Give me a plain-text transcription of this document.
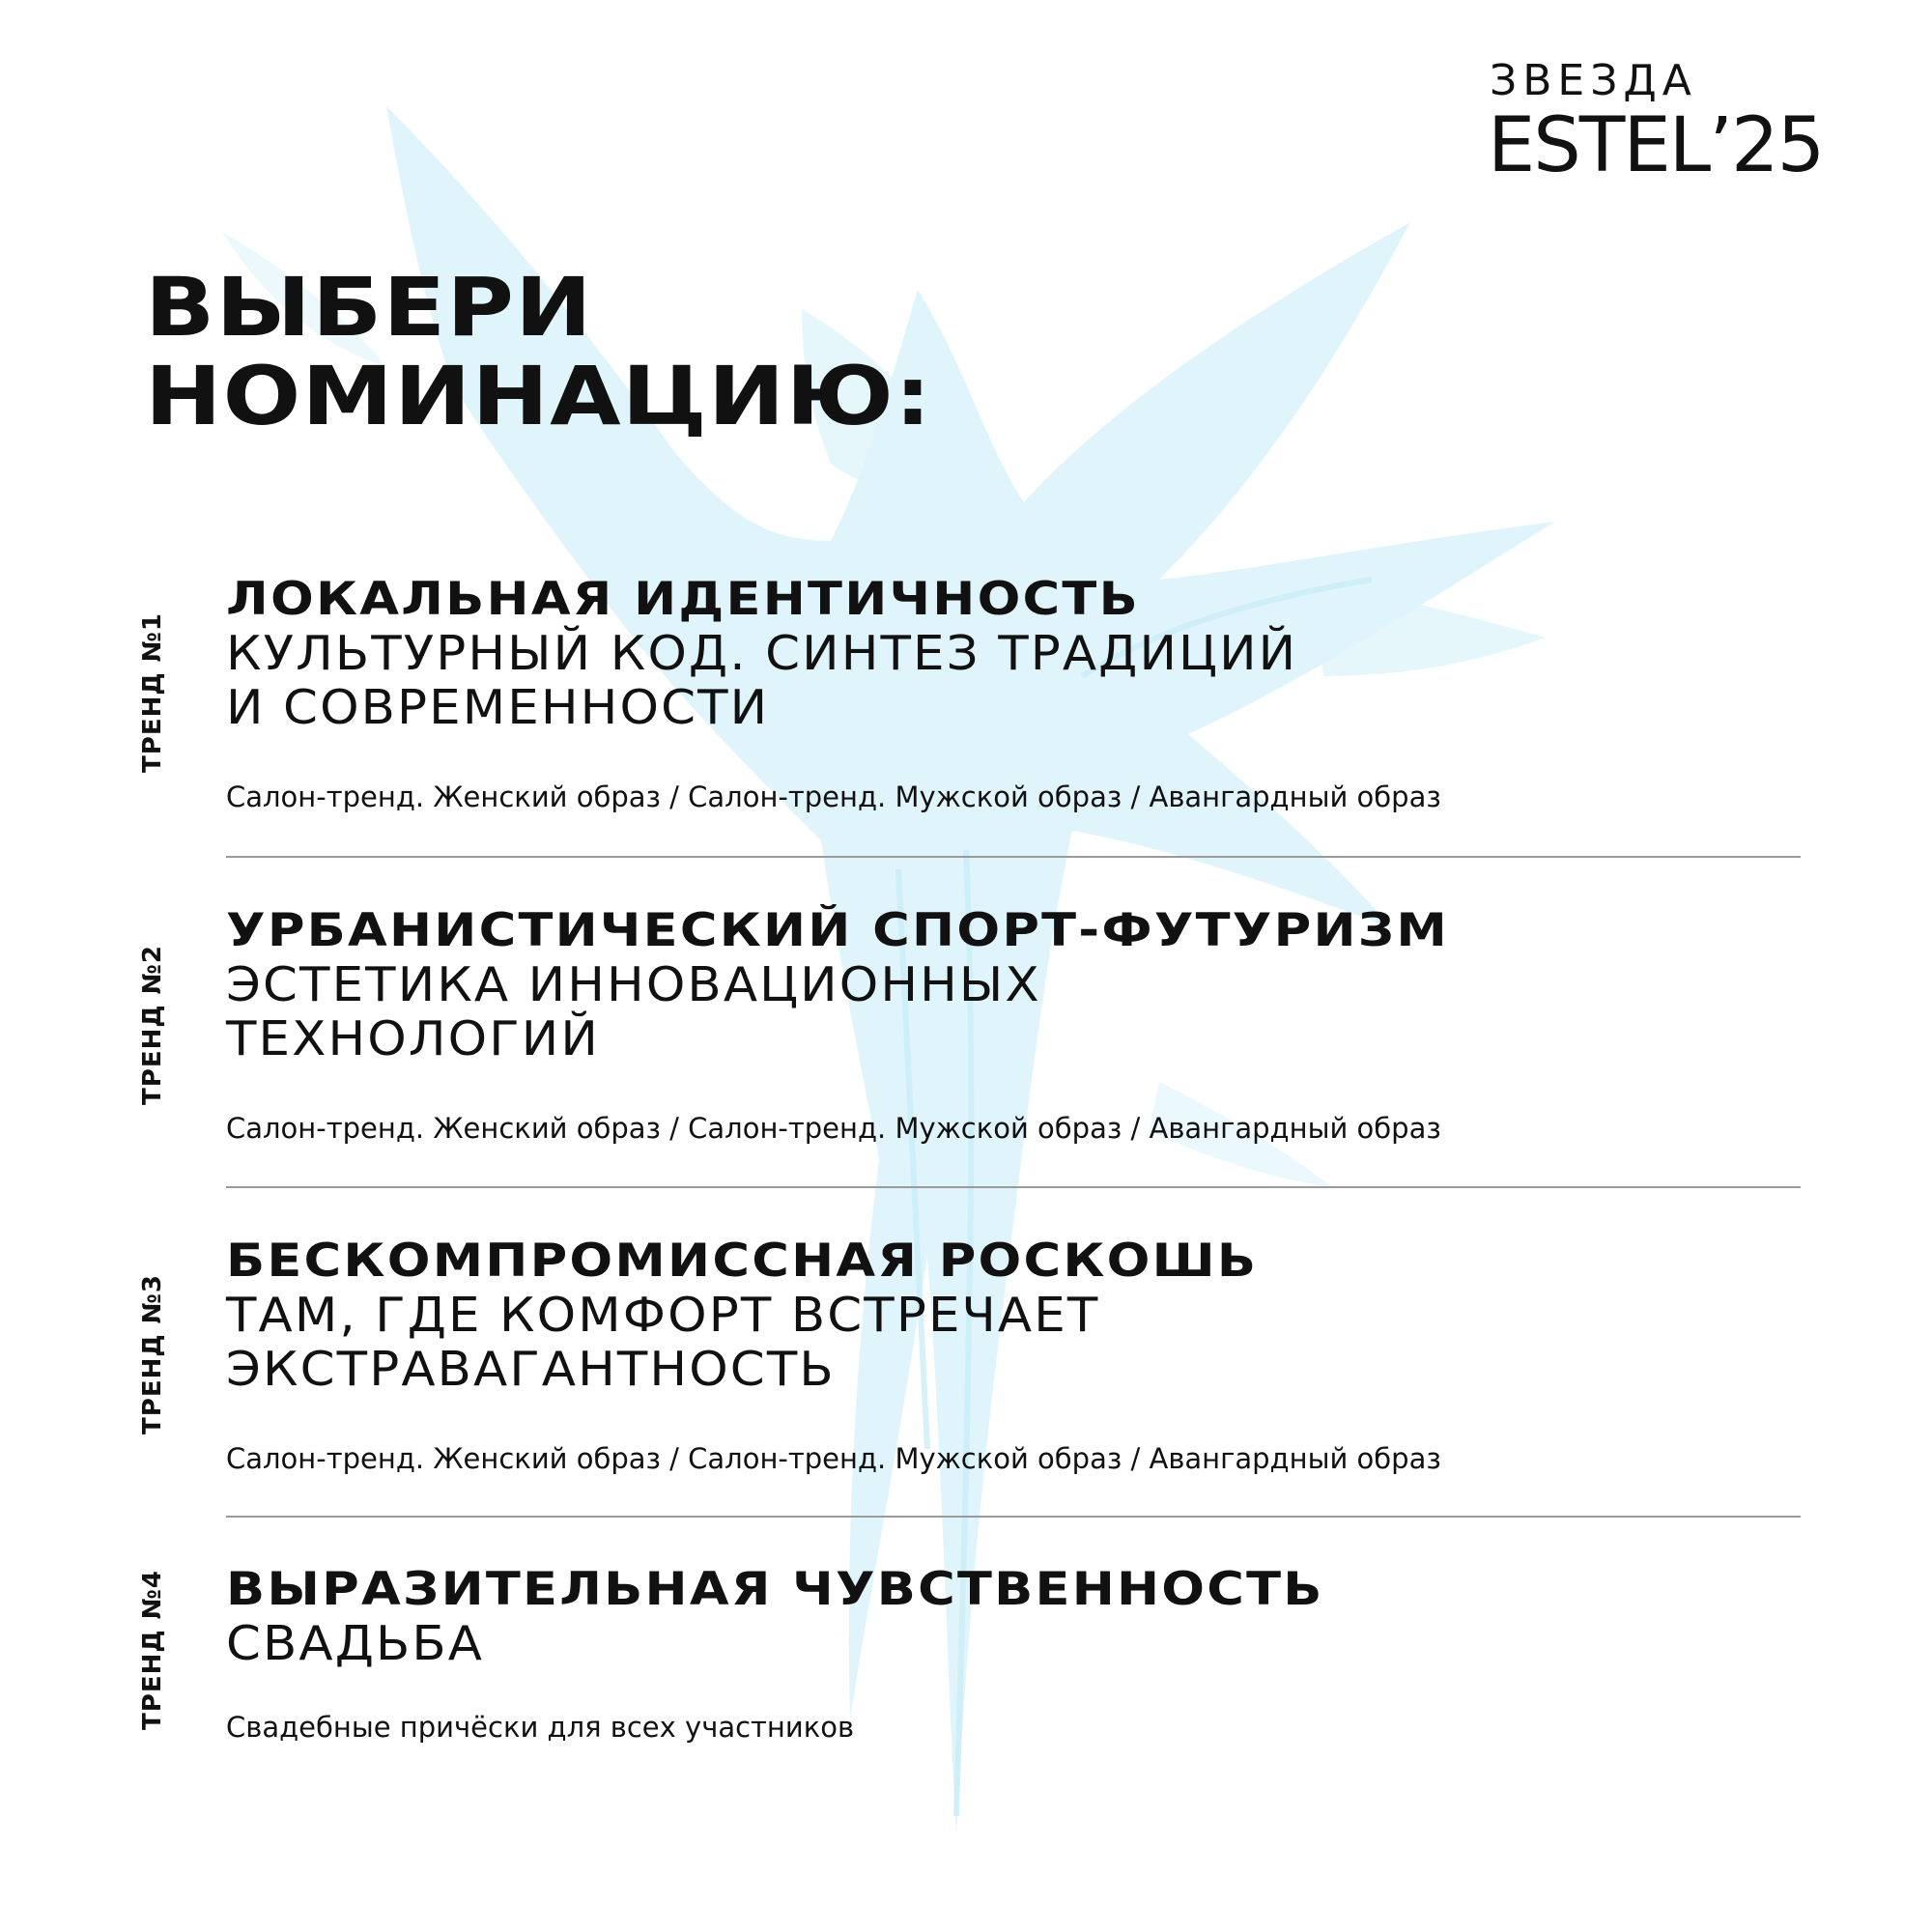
ЗВЕЗДА
ESTEL’25
ВЫБЕРИ
НОМИНАЦИЮ:
ТРЕНД №1
ЛОКАЛЬНАЯ ИДЕНТИЧНОСТЬ
КУЛЬТУРНЫЙ КОД. СИНТЕЗ ТРАДИЦИЙ
И СОВРЕМЕННОСТИ
Салон-тренд. Женский образ / Салон-тренд. Мужской образ / Авангардный образ
ТРЕНД №2
УРБАНИСТИЧЕСКИЙ СПОРТ-ФУТУРИЗМ
ЭСТЕТИКА ИННОВАЦИОННЫХ
ТЕХНОЛОГИЙ
Салон-тренд. Женский образ / Салон-тренд. Мужской образ / Авангардный образ
ТРЕНД №3
БЕСКОМПРОМИССНАЯ РОСКОШЬ
ТАМ, ГДЕ КОМФОРТ ВСТРЕЧАЕТ
ЭКСТРАВАГАНТНОСТЬ
Салон-тренд. Женский образ / Салон-тренд. Мужской образ / Авангардный образ
ТРЕНД №4 ВЫРАЗИТЕЛЬНАЯ ЧУВСТВЕННОСТЬ
СВАДЬБА
Свадебные причёски для всех участников
